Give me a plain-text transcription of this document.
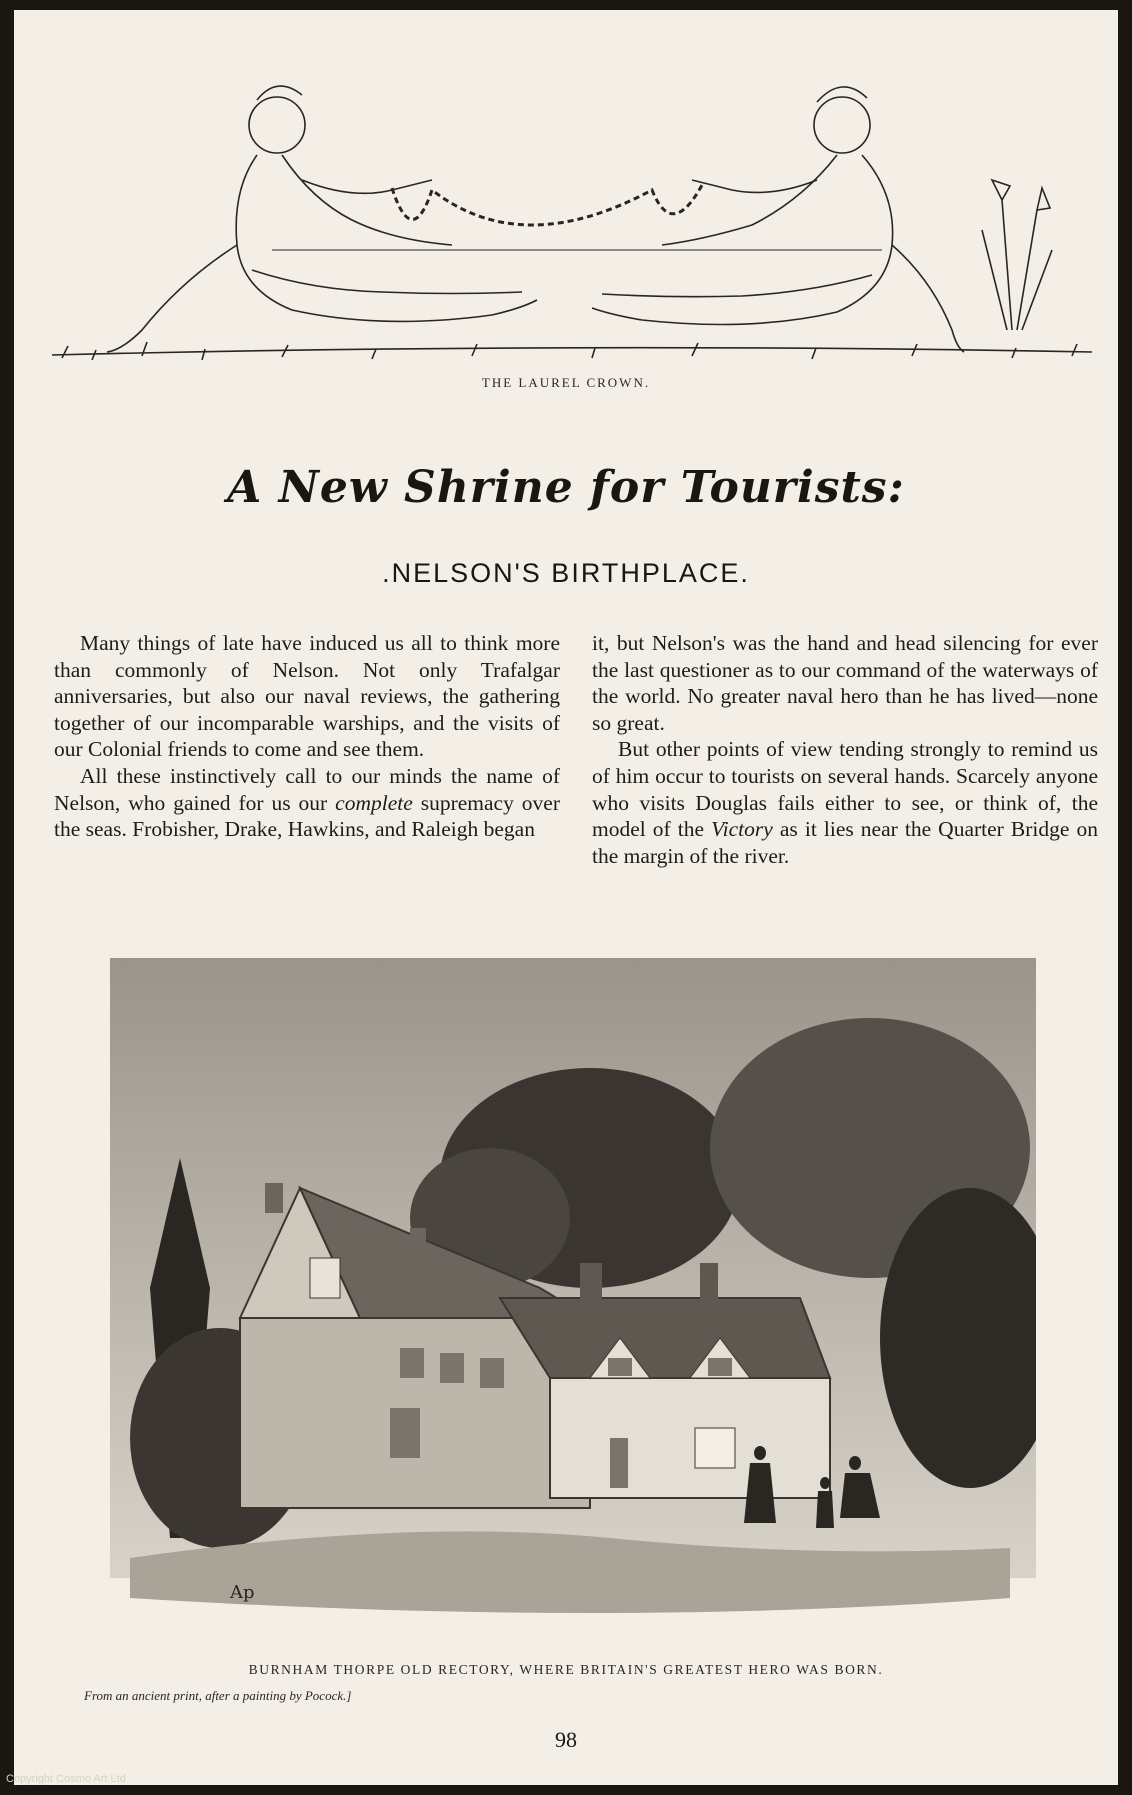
THE LAUREL CROWN.
A New Shrine for Tourists:
.NELSON'S BIRTHPLACE.

Many things of late have induced us all to think more than commonly of Nelson. Not only Trafalgar anniversaries, but also our naval reviews, the gathering together of our incomparable warships, and the visits of our Colonial friends to come and see them.

All these instinctively call to our minds the name of Nelson, who gained for us our complete supremacy over the seas. Frobisher, Drake, Hawkins, and Raleigh began

it, but Nelson's was the hand and head silencing for ever the last questioner as to our command of the waterways of the world. No greater naval hero than he has lived—none so great.

But other points of view tending strongly to remind us of him occur to tourists on several hands. Scarcely anyone who visits Douglas fails either to see, or think of, the model of the Victory as it lies near the Quarter Bridge on the margin of the river.

Ap
BURNHAM THORPE OLD RECTORY, WHERE BRITAIN'S GREATEST HERO WAS BORN.
From an ancient print, after a painting by Pocock.]
98
Copyright Cosmo Art Ltd
